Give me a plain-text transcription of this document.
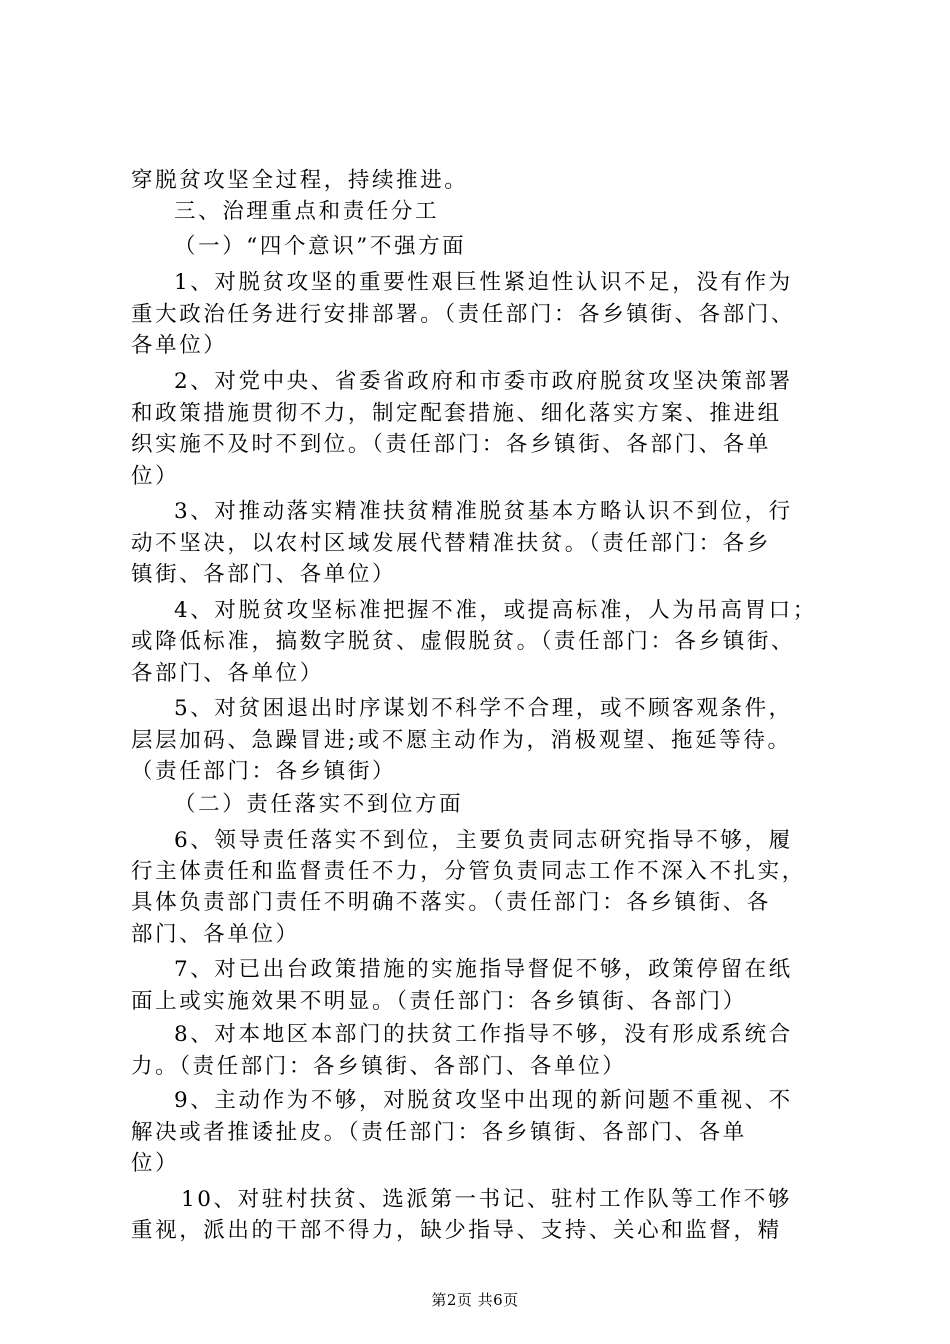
穿脱贫攻坚全过程，持续推进。
三、治理重点和责任分工
（一）“四个意识”不强方面
1、对脱贫攻坚的重要性艰巨性紧迫性认识不足，没有作为
重大政治任务进行安排部署。（责任部门：各乡镇街、各部门、
各单位）
2、对党中央、省委省政府和市委市政府脱贫攻坚决策部署
和政策措施贯彻不力，制定配套措施、细化落实方案、推进组
织实施不及时不到位。（责任部门：各乡镇街、各部门、各单
位）
3、对推动落实精准扶贫精准脱贫基本方略认识不到位，行
动不坚决，以农村区域发展代替精准扶贫。（责任部门：各乡
镇街、各部门、各单位）
4、对脱贫攻坚标准把握不准，或提高标准，人为吊高胃口；
或降低标准，搞数字脱贫、虚假脱贫。（责任部门：各乡镇街、
各部门、各单位）
5、对贫困退出时序谋划不科学不合理，或不顾客观条件，
层层加码、急躁冒进;或不愿主动作为，消极观望、拖延等待。
（责任部门：各乡镇街）
（二）责任落实不到位方面
6、领导责任落实不到位，主要负责同志研究指导不够，履
行主体责任和监督责任不力，分管负责同志工作不深入不扎实，
具体负责部门责任不明确不落实。（责任部门：各乡镇街、各
部门、各单位）
7、对已出台政策措施的实施指导督促不够，政策停留在纸
面上或实施效果不明显。（责任部门：各乡镇街、各部门）
8、对本地区本部门的扶贫工作指导不够，没有形成系统合
力。（责任部门：各乡镇街、各部门、各单位）
9、主动作为不够，对脱贫攻坚中出现的新问题不重视、不
解决或者推诿扯皮。（责任部门：各乡镇街、各部门、各单
位）
10、对驻村扶贫、选派第一书记、驻村工作队等工作不够
重视，派出的干部不得力，缺少指导、支持、关心和监督，精
第2页 共6页
